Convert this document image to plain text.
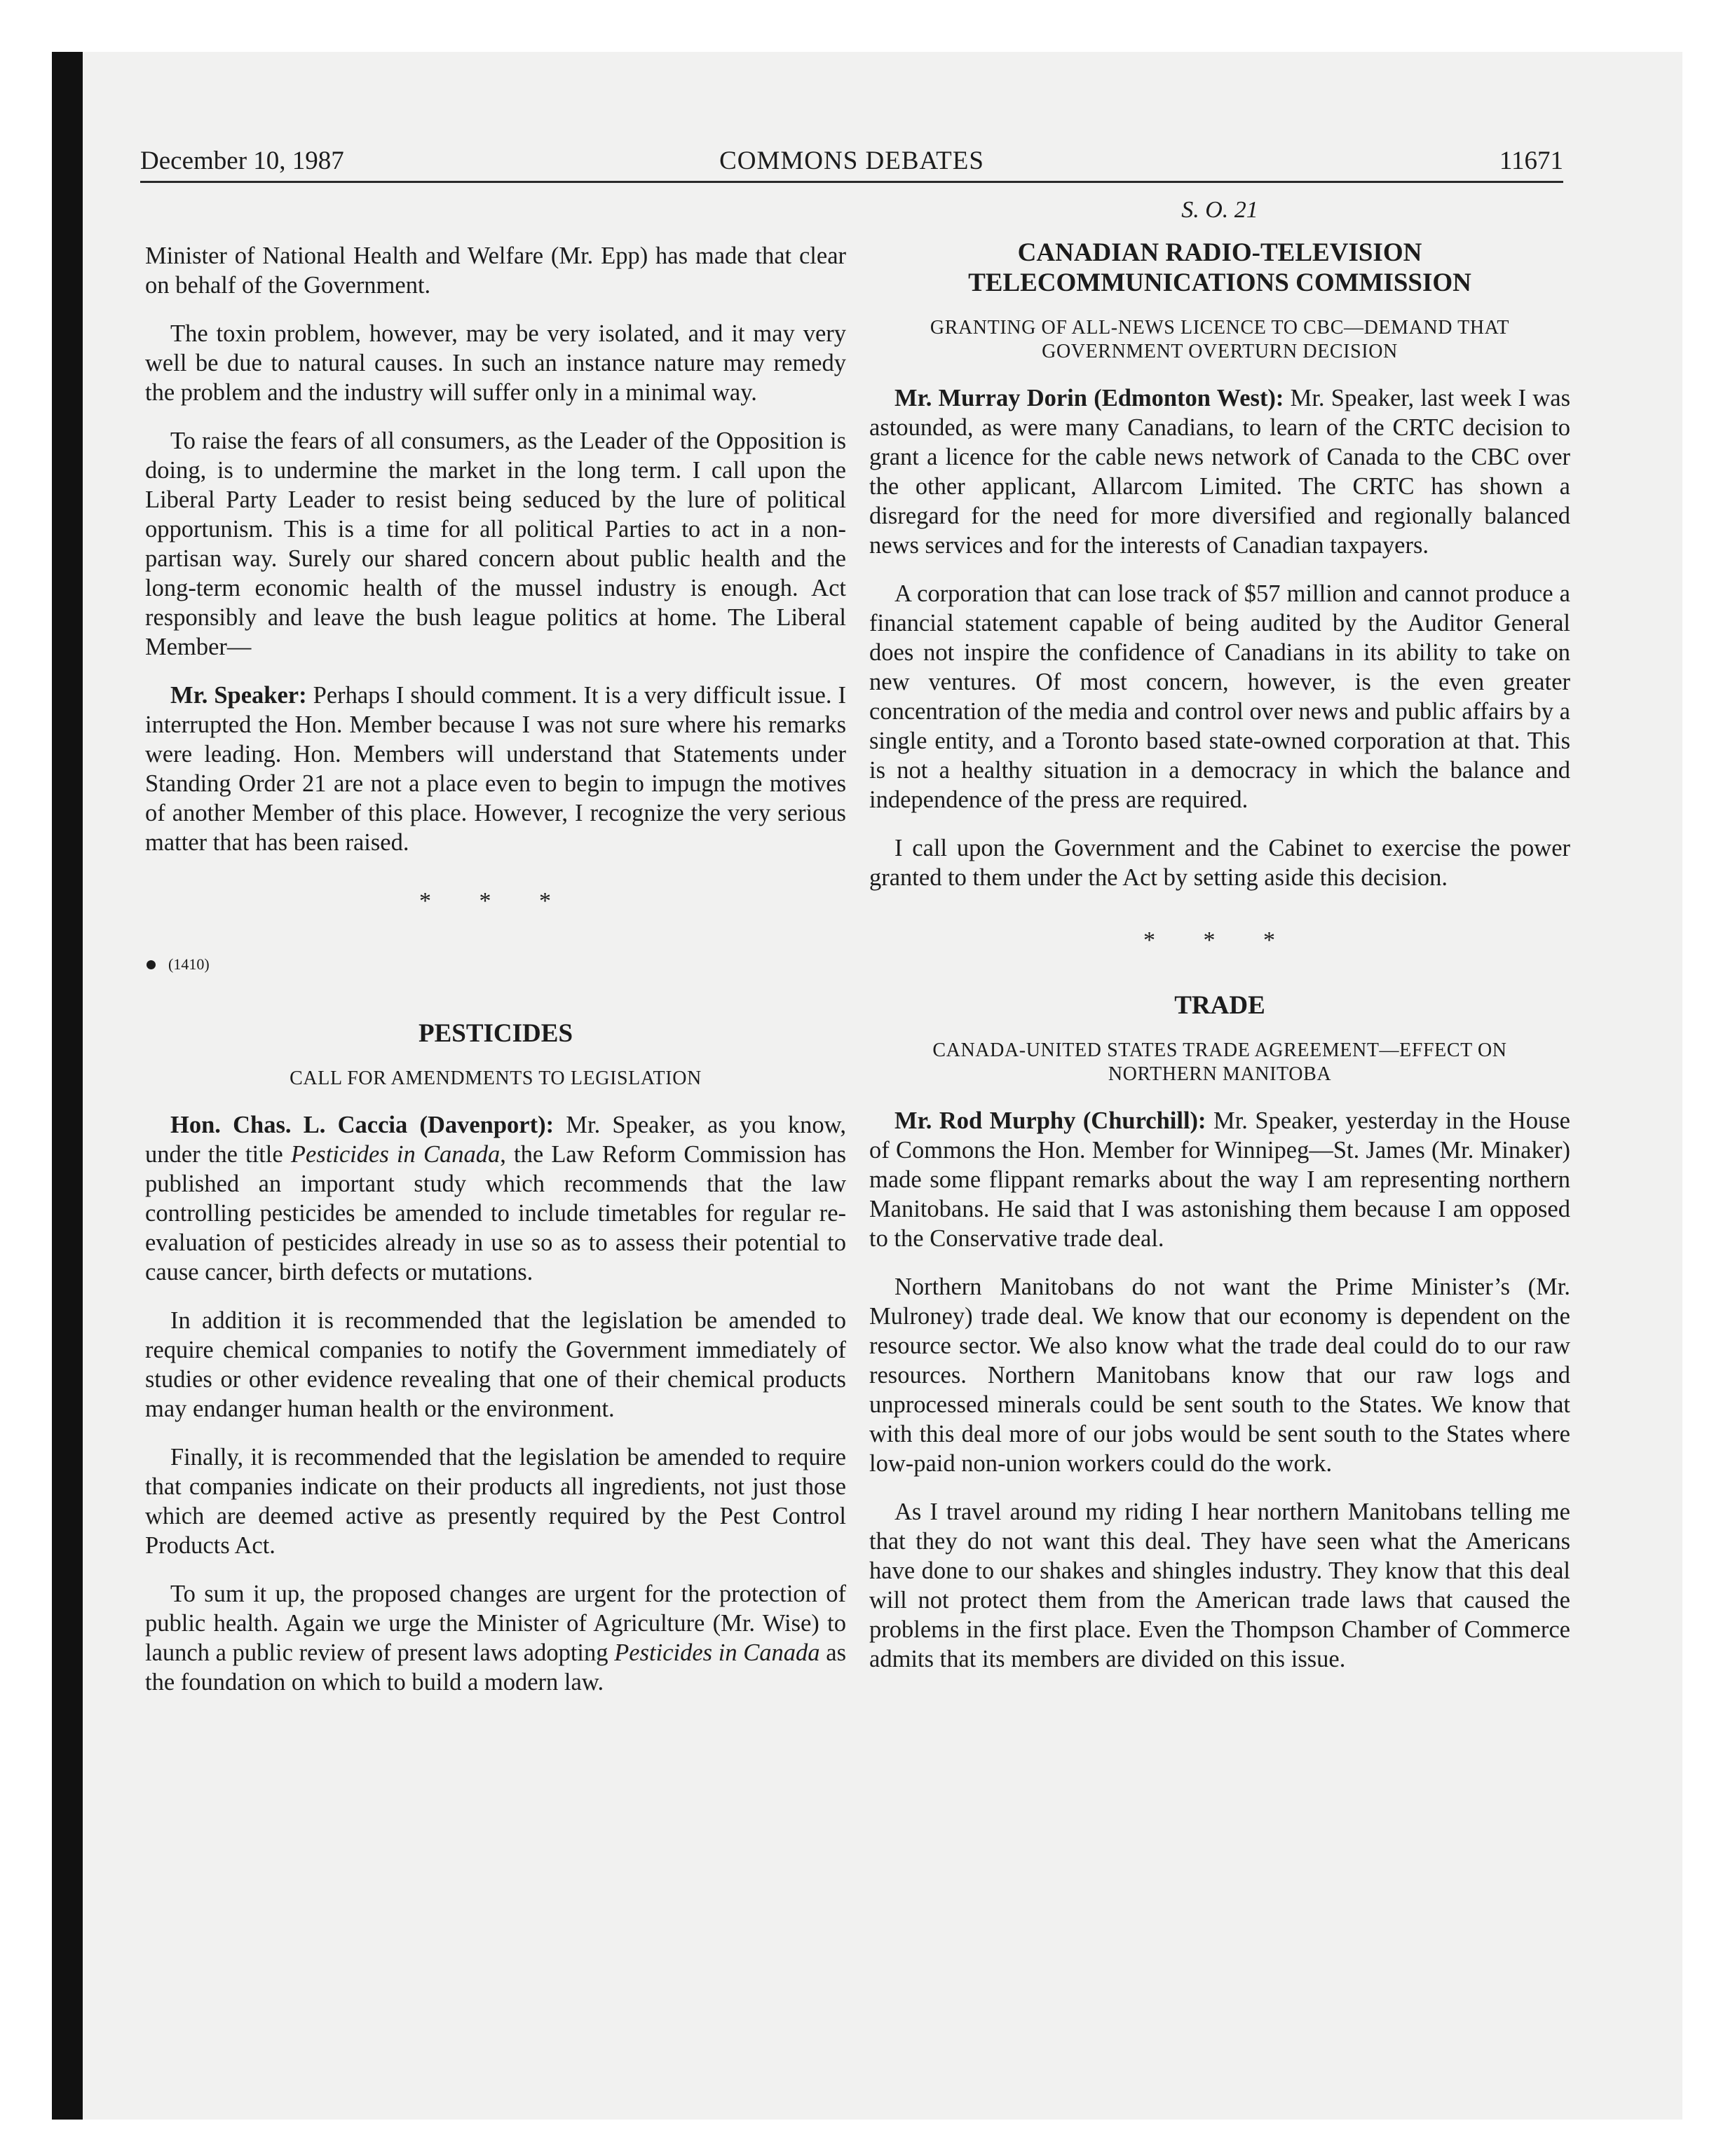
December 10, 1987	COMMONS DEBATES	11671

Minister of National Health and Welfare (Mr. Epp) has made that clear on behalf of the Government.

The toxin problem, however, may be very isolated, and it may very well be due to natural causes. In such an instance nature may remedy the problem and the industry will suffer only in a minimal way.

To raise the fears of all consumers, as the Leader of the Opposition is doing, is to undermine the market in the long term. I call upon the Liberal Party Leader to resist being seduced by the lure of political opportunism. This is a time for all political Parties to act in a non-partisan way. Surely our shared concern about public health and the long-term economic health of the mussel industry is enough. Act responsibly and leave the bush league politics at home. The Liberal Member—

Mr. Speaker: Perhaps I should comment. It is a very difficult issue. I interrupted the Hon. Member because I was not sure where his remarks were leading. Hon. Members will understand that Statements under Standing Order 21 are not a place even to begin to impugn the motives of another Member of this place. However, I recognize the very serious matter that has been raised.

* * *
(1410)
PESTICIDES
CALL FOR AMENDMENTS TO LEGISLATION

Hon. Chas. L. Caccia (Davenport): Mr. Speaker, as you know, under the title Pesticides in Canada, the Law Reform Commission has published an important study which recommends that the law controlling pesticides be amended to include timetables for regular re-evaluation of pesticides already in use so as to assess their potential to cause cancer, birth defects or mutations.

In addition it is recommended that the legislation be amended to require chemical companies to notify the Government immediately of studies or other evidence revealing that one of their chemical products may endanger human health or the environment.

Finally, it is recommended that the legislation be amended to require that companies indicate on their products all ingredients, not just those which are deemed active as presently required by the Pest Control Products Act.

To sum it up, the proposed changes are urgent for the protection of public health. Again we urge the Minister of Agriculture (Mr. Wise) to launch a public review of present laws adopting Pesticides in Canada as the foundation on which to build a modern law.

S. O. 21
CANADIAN RADIO-TELEVISION
TELECOMMUNICATIONS COMMISSION
GRANTING OF ALL-NEWS LICENCE TO CBC—DEMAND THAT
GOVERNMENT OVERTURN DECISION

Mr. Murray Dorin (Edmonton West): Mr. Speaker, last week I was astounded, as were many Canadians, to learn of the CRTC decision to grant a licence for the cable news network of Canada to the CBC over the other applicant, Allarcom Limited. The CRTC has shown a disregard for the need for more diversified and regionally balanced news services and for the interests of Canadian taxpayers.

A corporation that can lose track of $57 million and cannot produce a financial statement capable of being audited by the Auditor General does not inspire the confidence of Canadians in its ability to take on new ventures. Of most concern, however, is the even greater concentration of the media and control over news and public affairs by a single entity, and a Toronto based state-owned corporation at that. This is not a healthy situation in a democracy in which the balance and independence of the press are required.

I call upon the Government and the Cabinet to exercise the power granted to them under the Act by setting aside this decision.

* * *
TRADE
CANADA-UNITED STATES TRADE AGREEMENT—EFFECT ON
NORTHERN MANITOBA

Mr. Rod Murphy (Churchill): Mr. Speaker, yesterday in the House of Commons the Hon. Member for Winnipeg—St. James (Mr. Minaker) made some flippant remarks about the way I am representing northern Manitobans. He said that I was astonishing them because I am opposed to the Conservative trade deal.

Northern Manitobans do not want the Prime Minister’s (Mr. Mulroney) trade deal. We know that our economy is dependent on the resource sector. We also know what the trade deal could do to our raw resources. Northern Manitobans know that our raw logs and unprocessed minerals could be sent south to the States. We know that with this deal more of our jobs would be sent south to the States where low-paid non-union workers could do the work.

As I travel around my riding I hear northern Manitobans telling me that they do not want this deal. They have seen what the Americans have done to our shakes and shingles industry. They know that this deal will not protect them from the American trade laws that caused the problems in the first place. Even the Thompson Chamber of Commerce admits that its members are divided on this issue.
